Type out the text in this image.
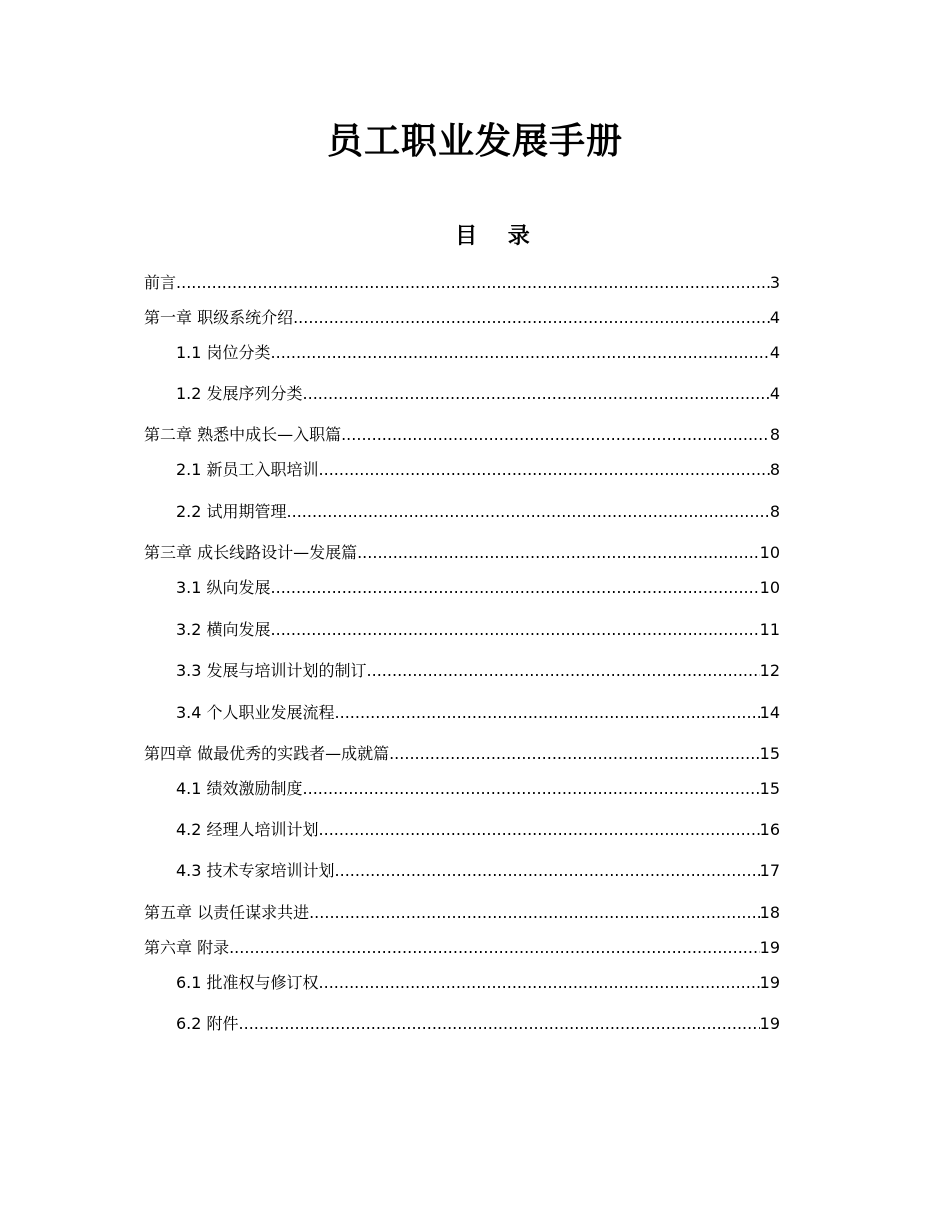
员工职业发展手册
目    录
前言 .....	3
第一章 职级系统介绍 .....	4
1.1 岗位分类 .....	4
1.2 发展序列分类 .....	4
第二章 熟悉中成长—入职篇 .....	8
2.1 新员工入职培训 .....	8
2.2 试用期管理 .....	8
第三章 成长线路设计—发展篇 .....	10
3.1 纵向发展 .....	10
3.2 横向发展 .....	11
3.3 发展与培训计划的制订 .....	12
3.4 个人职业发展流程 .....	14
第四章 做最优秀的实践者—成就篇 .....	15
4.1 绩效激励制度 .....	15
4.2 经理人培训计划 .....	16
4.3 技术专家培训计划 .....	17
第五章 以责任谋求共进 .....	18
第六章 附录 .....	19
6.1 批准权与修订权 .....	19
6.2 附件 .....	19
